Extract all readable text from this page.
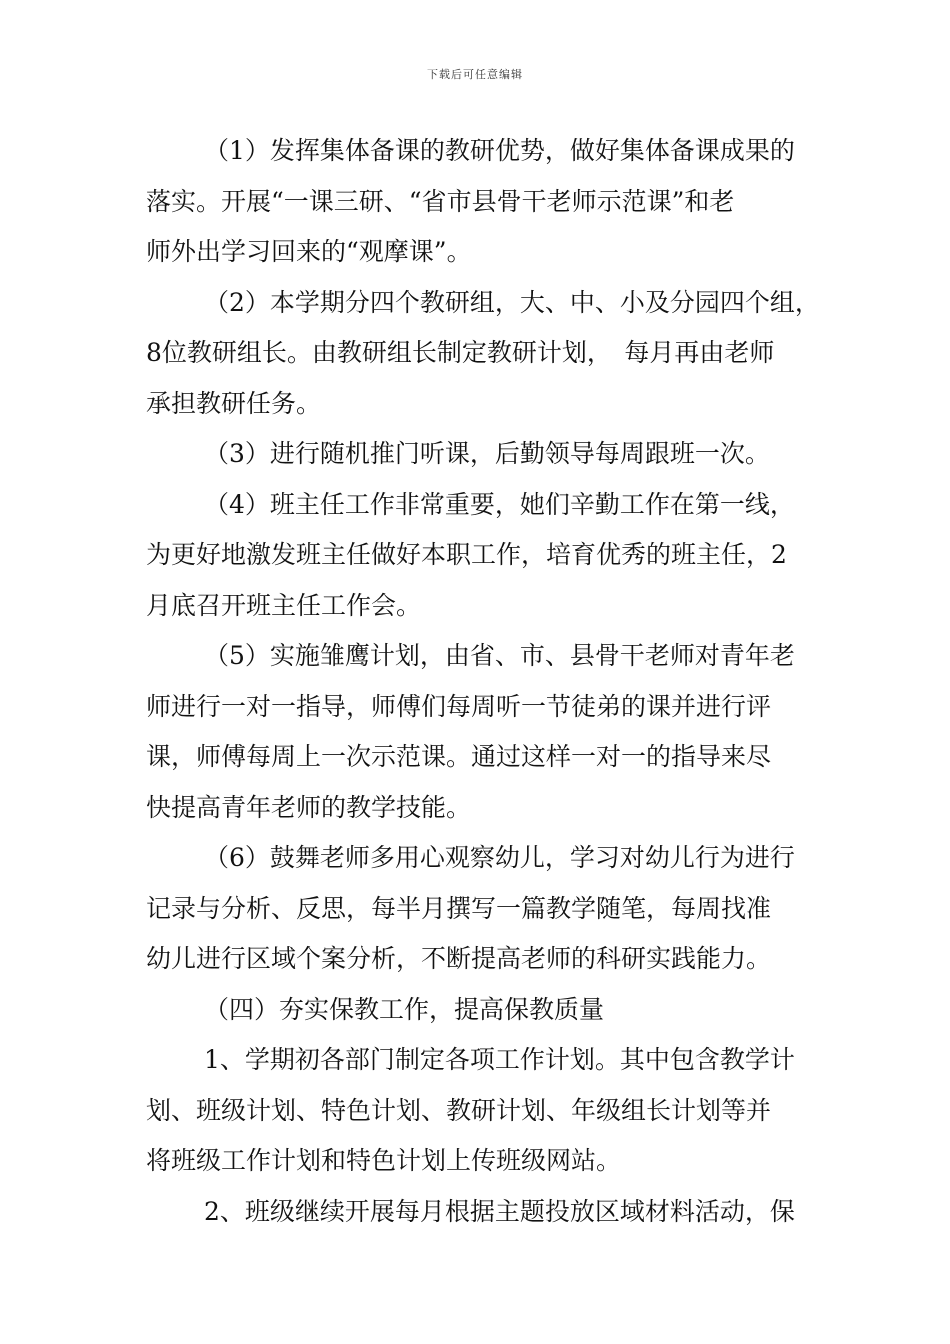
下载后可任意编辑
（1）发挥集体备课的教研优势，做好集体备课成果的
落实。开展“一课三研、“省市县骨干老师示范课”和老
师外出学习回来的“观摩课”。
（2）本学期分四个教研组，大、中、小及分园四个组，
8位教研组长。由教研组长制定教研计划，　每月再由老师
承担教研任务。
（3）进行随机推门听课，后勤领导每周跟班一次。
（4）班主任工作非常重要，她们辛勤工作在第一线，
为更好地激发班主任做好本职工作，培育优秀的班主任，2
月底召开班主任工作会。
（5）实施雏鹰计划，由省、市、县骨干老师对青年老
师进行一对一指导，师傅们每周听一节徒弟的课并进行评
课，师傅每周上一次示范课。通过这样一对一的指导来尽
快提高青年老师的教学技能。
（6）鼓舞老师多用心观察幼儿，学习对幼儿行为进行
记录与分析、反思，每半月撰写一篇教学随笔，每周找准
幼儿进行区域个案分析，不断提高老师的科研实践能力。
（四）夯实保教工作，提高保教质量
1、学期初各部门制定各项工作计划。其中包含教学计
划、班级计划、特色计划、教研计划、年级组长计划等并
将班级工作计划和特色计划上传班级网站。
2、班级继续开展每月根据主题投放区域材料活动，保
